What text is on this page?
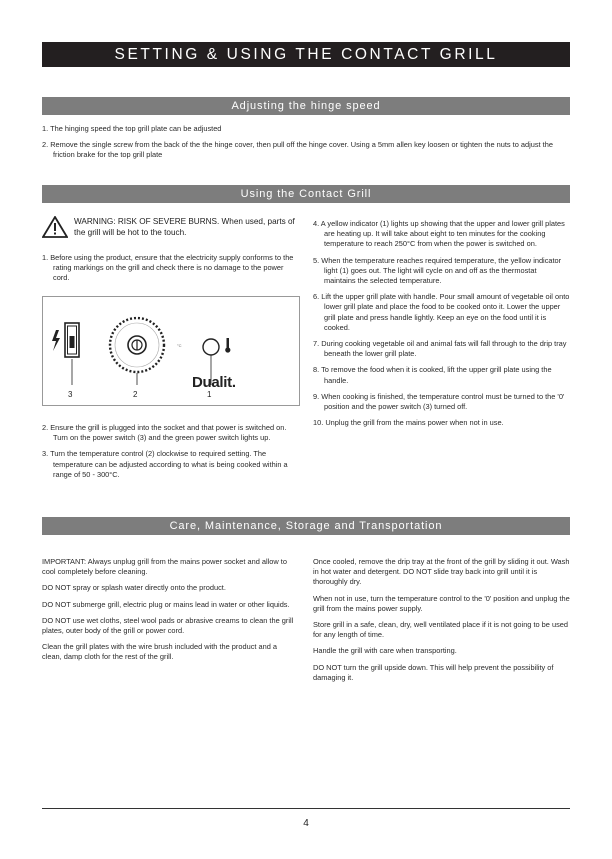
SETTING & USING THE CONTACT GRILL
Adjusting the hinge speed

1. The hinging speed the top grill plate can be adjusted

2. Remove the single screw from the back of the the hinge cover, then pull off the hinge cover. Using a 5mm allen key loosen or tighten the nuts to adjust the friction brake for the top grill plate

Using the Contact Grill
WARNING: RISK OF SEVERE BURNS. When used, parts of the grill will be hot to the touch.

1. Before using the product, ensure that the electricity supply conforms to the rating markings on the grill and check there is no damage to the power cord.

°C
3	2	1
Dualit.

2. Ensure the grill is plugged into the socket and that power is switched on. Turn on the power switch (3) and the green power switch lights up.

3. Turn the temperature control (2) clockwise to required setting. The temperature can be adjusted according to what is being cooked within a range of 50 - 300°C.

4. A yellow indicator (1) lights up showing that the upper and lower grill plates are heating up. It will take about eight to ten minutes for the cooking temperature to reach 250°C from when the power is switched on.

5. When the temperature reaches required temperature, the yellow indicator light (1) goes out. The light will cycle on and off as the thermostat maintains the selected temperature.

6. Lift the upper grill plate with handle. Pour small amount of vegetable oil onto lower grill plate and place the food to be cooked onto it. Lower the upper grill plate and press handle lightly. Keep an eye on the food until it is cooked.

7. During cooking vegetable oil and animal fats will fall through to the drip tray beneath the lower grill plate.

8. To remove the food when it is cooked, lift the upper grill plate using the handle.

9. When cooking is finished, the temperature control must be turned to the '0' position and the power switch (3) turned off.

10. Unplug the grill from the mains power when not in use.

Care, Maintenance, Storage and Transportation

IMPORTANT: Always unplug grill from the mains power socket and allow to cool completely before cleaning.

DO NOT spray or splash water directly onto the product.

DO NOT submerge grill, electric plug or mains lead in water or other liquids.

DO NOT use wet cloths, steel wool pads or abrasive creams to clean the grill plates, outer body of the grill or power cord.

Clean the grill plates with the wire brush included with the product and a clean, damp cloth for the rest of the grill.

Once cooled, remove the drip tray at the front of the grill by sliding it out. Wash in hot water and detergent. DO NOT slide tray back into grill until it is thoroughly dry.

When not in use, turn the temperature control to the '0' position and unplug the grill from the mains power supply.

Store grill in a safe, clean, dry, well ventilated place if it is not going to be used for any length of time.

Handle the grill with care when transporting.

DO NOT turn the grill upside down. This will help prevent the possibility of damaging it.

4
